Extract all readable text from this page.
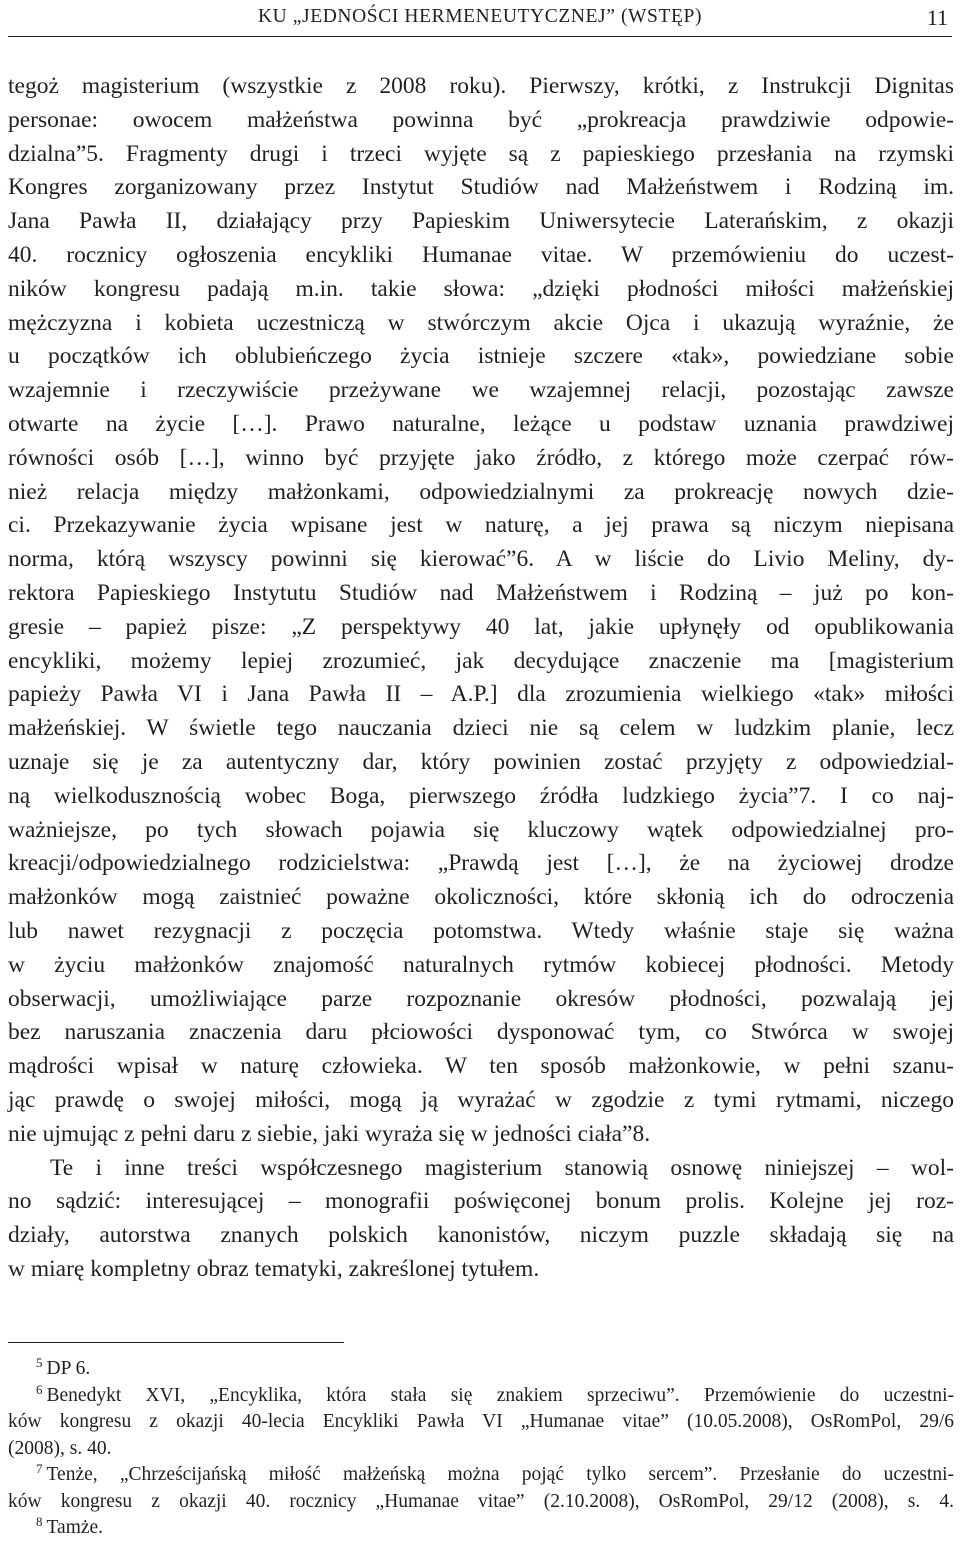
KU „JEDNOŚCI HERMENEUTYCZNEJ” (WSTĘP)	11
tegoż magisterium (wszystkie z 2008 roku). Pierwszy, krótki, z Instrukcji Dignitas
personae: owocem małżeństwa powinna być „prokreacja prawdziwie odpowie-
dzialna”5. Fragmenty drugi i trzeci wyjęte są z papieskiego przesłania na rzymski
Kongres zorganizowany przez Instytut Studiów nad Małżeństwem i Rodziną im.
Jana Pawła II, działający przy Papieskim Uniwersytecie Laterańskim, z okazji
40. rocznicy ogłoszenia encykliki Humanae vitae. W przemówieniu do uczest-
ników kongresu padają m.in. takie słowa: „dzięki płodności miłości małżeńskiej
mężczyzna i kobieta uczestniczą w stwórczym akcie Ojca i ukazują wyraźnie, że
u początków ich oblubieńczego życia istnieje szczere «tak», powiedziane sobie
wzajemnie i rzeczywiście przeżywane we wzajemnej relacji, pozostając zawsze
otwarte na życie […]. Prawo naturalne, leżące u podstaw uznania prawdziwej
równości osób […], winno być przyjęte jako źródło, z którego może czerpać rów-
nież relacja między małżonkami, odpowiedzialnymi za prokreację nowych dzie-
ci. Przekazywanie życia wpisane jest w naturę, a jej prawa są niczym niepisana
norma, którą wszyscy powinni się kierować”6. A w liście do Livio Meliny, dy-
rektora Papieskiego Instytutu Studiów nad Małżeństwem i Rodziną – już po kon-
gresie – papież pisze: „Z perspektywy 40 lat, jakie upłynęły od opublikowania
encykliki, możemy lepiej zrozumieć, jak decydujące znaczenie ma [magisterium
papieży Pawła VI i Jana Pawła II – A.P.] dla zrozumienia wielkiego «tak» miłości
małżeńskiej. W świetle tego nauczania dzieci nie są celem w ludzkim planie, lecz
uznaje się je za autentyczny dar, który powinien zostać przyjęty z odpowiedzial-
ną wielkodusznością wobec Boga, pierwszego źródła ludzkiego życia”7. I co naj-
ważniejsze, po tych słowach pojawia się kluczowy wątek odpowiedzialnej pro-
kreacji/odpowiedzialnego rodzicielstwa: „Prawdą jest […], że na życiowej drodze
małżonków mogą zaistnieć poważne okoliczności, które skłonią ich do odroczenia
lub nawet rezygnacji z poczęcia potomstwa. Wtedy właśnie staje się ważna
w życiu małżonków znajomość naturalnych rytmów kobiecej płodności. Metody
obserwacji, umożliwiające parze rozpoznanie okresów płodności, pozwalają jej
bez naruszania znaczenia daru płciowości dysponować tym, co Stwórca w swojej
mądrości wpisał w naturę człowieka. W ten sposób małżonkowie, w pełni szanu-
jąc prawdę o swojej miłości, mogą ją wyrażać w zgodzie z tymi rytmami, niczego
nie ujmując z pełni daru z siebie, jaki wyraża się w jedności ciała”8.
Te i inne treści współczesnego magisterium stanowią osnowę niniejszej – wol-
no sądzić: interesującej – monografii poświęconej bonum prolis. Kolejne jej roz-
działy, autorstwa znanych polskich kanonistów, niczym puzzle składają się na
w miarę kompletny obraz tematyki, zakreślonej tytułem.
$^5$ DP 6.
$^6$ Benedykt XVI, „Encyklika, która stała się znakiem sprzeciwu”. Przemówienie do uczestni-
ków kongresu z okazji 40-lecia Encykliki Pawła VI „Humanae vitae” (10.05.2008), OsRomPol, 29/6
(2008), s. 40.
$^7$ Tenże, „Chrześcijańską miłość małżeńską można pojąć tylko sercem”. Przesłanie do uczestni-
ków kongresu z okazji 40. rocznicy „Humanae vitae” (2.10.2008), OsRomPol, 29/12 (2008), s. 4.
$^8$ Tamże.
